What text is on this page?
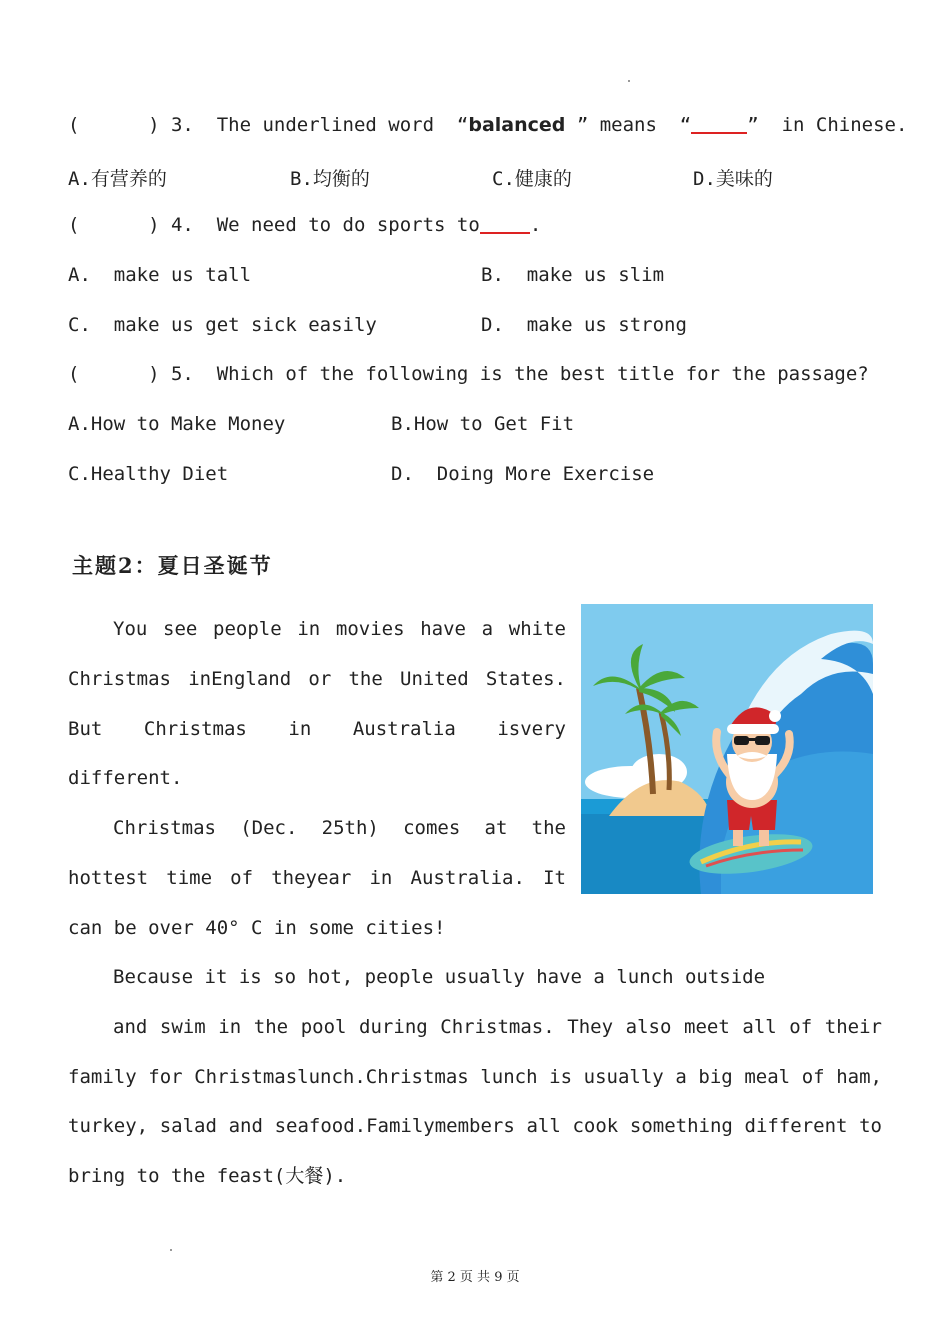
(      ) 3.  The underlined word  “balanced ” means  “	”  in Chinese.
A.有营养的	B.均衡的	C.健康的	D.美味的
(      ) 4.  We need to do sports to	.
A.  make us tall	B.  make us slim
C.  make us get sick easily	D.  make us strong
(      ) 5.  Which of the following is the best title for the passage?
A.How to Make Money	B.How to Get Fit
C.Healthy Diet	D.  Doing More Exercise
主题2：夏日圣诞节
You see people in movies have a white
Christmas inEngland or the United States.
But Christmas in Australia isvery
different.
Christmas (Dec. 25th) comes at the
hottest time of theyear in Australia. It
can be over 40° C in some cities!
Because it is so hot, people usually have a lunch outside
and swim in the pool during Christmas. They also meet all of their
family for Christmaslunch.Christmas lunch is usually a big meal of ham,
turkey, salad and seafood.Familymembers all cook something different to
bring to the feast(大餐).
第 2 页 共 9 页
